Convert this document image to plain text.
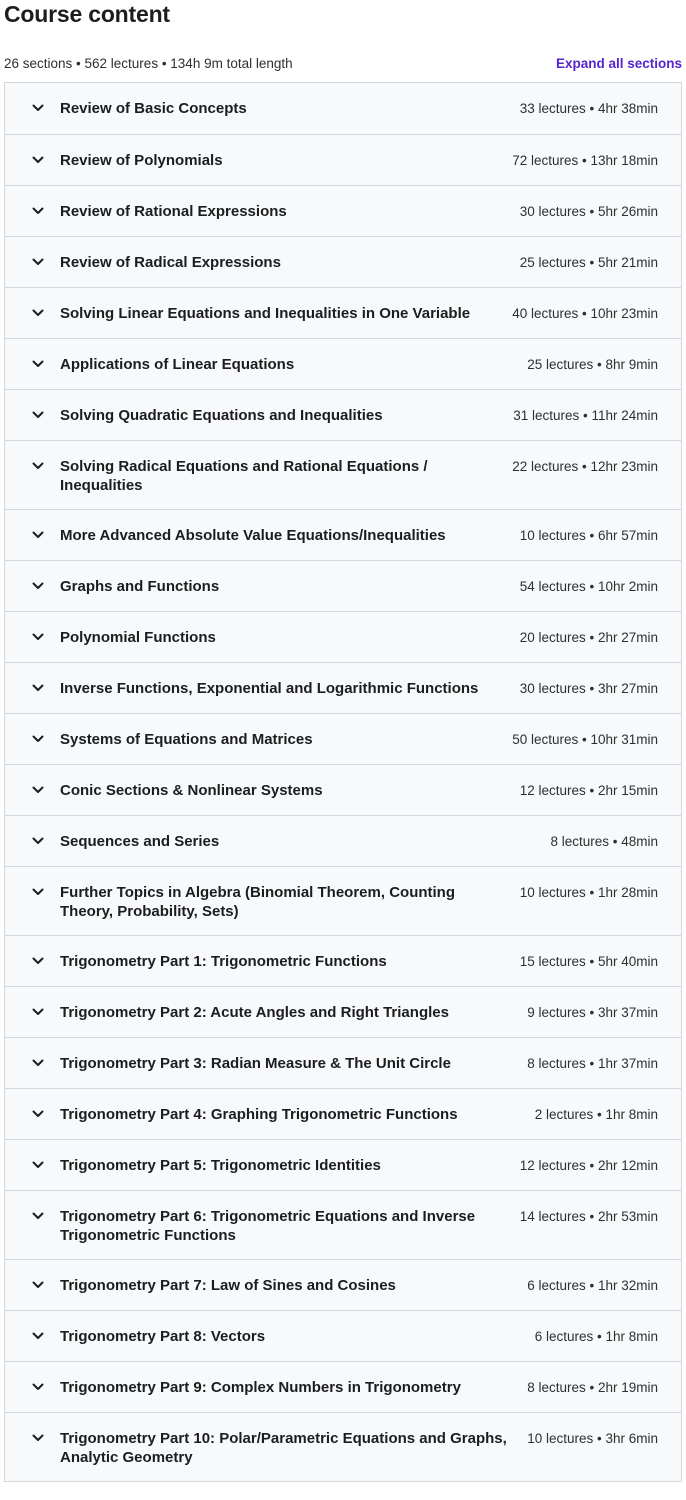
Course content
26 sections • 562 lectures • 134h 9m total length	Expand all sections
Review of Basic Concepts	33 lectures • 4hr 38min
Review of Polynomials	72 lectures • 13hr 18min
Review of Rational Expressions	30 lectures • 5hr 26min
Review of Radical Expressions	25 lectures • 5hr 21min
Solving Linear Equations and Inequalities in One Variable	40 lectures • 10hr 23min
Applications of Linear Equations	25 lectures • 8hr 9min
Solving Quadratic Equations and Inequalities	31 lectures • 11hr 24min
Solving Radical Equations and Rational Equations / Inequalities
22 lectures • 12hr 23min
More Advanced Absolute Value Equations/Inequalities	10 lectures • 6hr 57min
Graphs and Functions	54 lectures • 10hr 2min
Polynomial Functions	20 lectures • 2hr 27min
Inverse Functions, Exponential and Logarithmic Functions	30 lectures • 3hr 27min
Systems of Equations and Matrices	50 lectures • 10hr 31min
Conic Sections & Nonlinear Systems	12 lectures • 2hr 15min
Sequences and Series	8 lectures • 48min
Further Topics in Algebra (Binomial Theorem, Counting Theory, Probability, Sets)
10 lectures • 1hr 28min
Trigonometry Part 1: Trigonometric Functions	15 lectures • 5hr 40min
Trigonometry Part 2: Acute Angles and Right Triangles	9 lectures • 3hr 37min
Trigonometry Part 3: Radian Measure & The Unit Circle	8 lectures • 1hr 37min
Trigonometry Part 4: Graphing Trigonometric Functions	2 lectures • 1hr 8min
Trigonometry Part 5: Trigonometric Identities	12 lectures • 2hr 12min
Trigonometry Part 6: Trigonometric Equations and Inverse Trigonometric Functions
14 lectures • 2hr 53min
Trigonometry Part 7: Law of Sines and Cosines	6 lectures • 1hr 32min
Trigonometry Part 8: Vectors	6 lectures • 1hr 8min
Trigonometry Part 9: Complex Numbers in Trigonometry	8 lectures • 2hr 19min
Trigonometry Part 10: Polar/Parametric Equations and Graphs, Analytic Geometry
10 lectures • 3hr 6min
